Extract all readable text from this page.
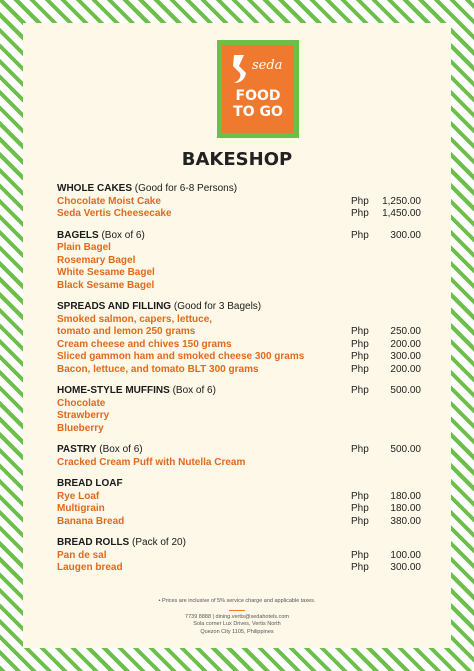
seda
FOOD
TO GO
BAKESHOP
WHOLE CAKES (Good for 6-8 Persons)
Chocolate Moist Cake	Php	1,250.00
Seda Vertis Cheesecake	Php	1,450.00
BAGELS (Box of 6)	Php	300.00
Plain Bagel
Rosemary Bagel
White Sesame Bagel
Black Sesame Bagel
SPREADS AND FILLING (Good for 3 Bagels)
Smoked salmon, capers, lettuce,
tomato and lemon 250 grams	Php	250.00
Cream cheese and chives 150 grams	Php	200.00
Sliced gammon ham and smoked cheese 300 grams	Php	300.00
Bacon, lettuce, and tomato BLT 300 grams	Php	200.00
HOME-STYLE MUFFINS (Box of 6)	Php	500.00
Chocolate
Strawberry
Blueberry
PASTRY (Box of 6)	Php	500.00
Cracked Cream Puff with Nutella Cream
BREAD LOAF
Rye Loaf	Php	180.00
Multigrain	Php	180.00
Banana Bread	Php	380.00
BREAD ROLLS (Pack of 20)
Pan de sal	Php	100.00
Laugen bread	Php	300.00
• Prices are inclusive of 5% service charge and applicable taxes.
7739 8888 | dining.vertis@sedahotels.com
Sola corner Lux Drives, Vertis North
Quezon City 1105, Philippines
